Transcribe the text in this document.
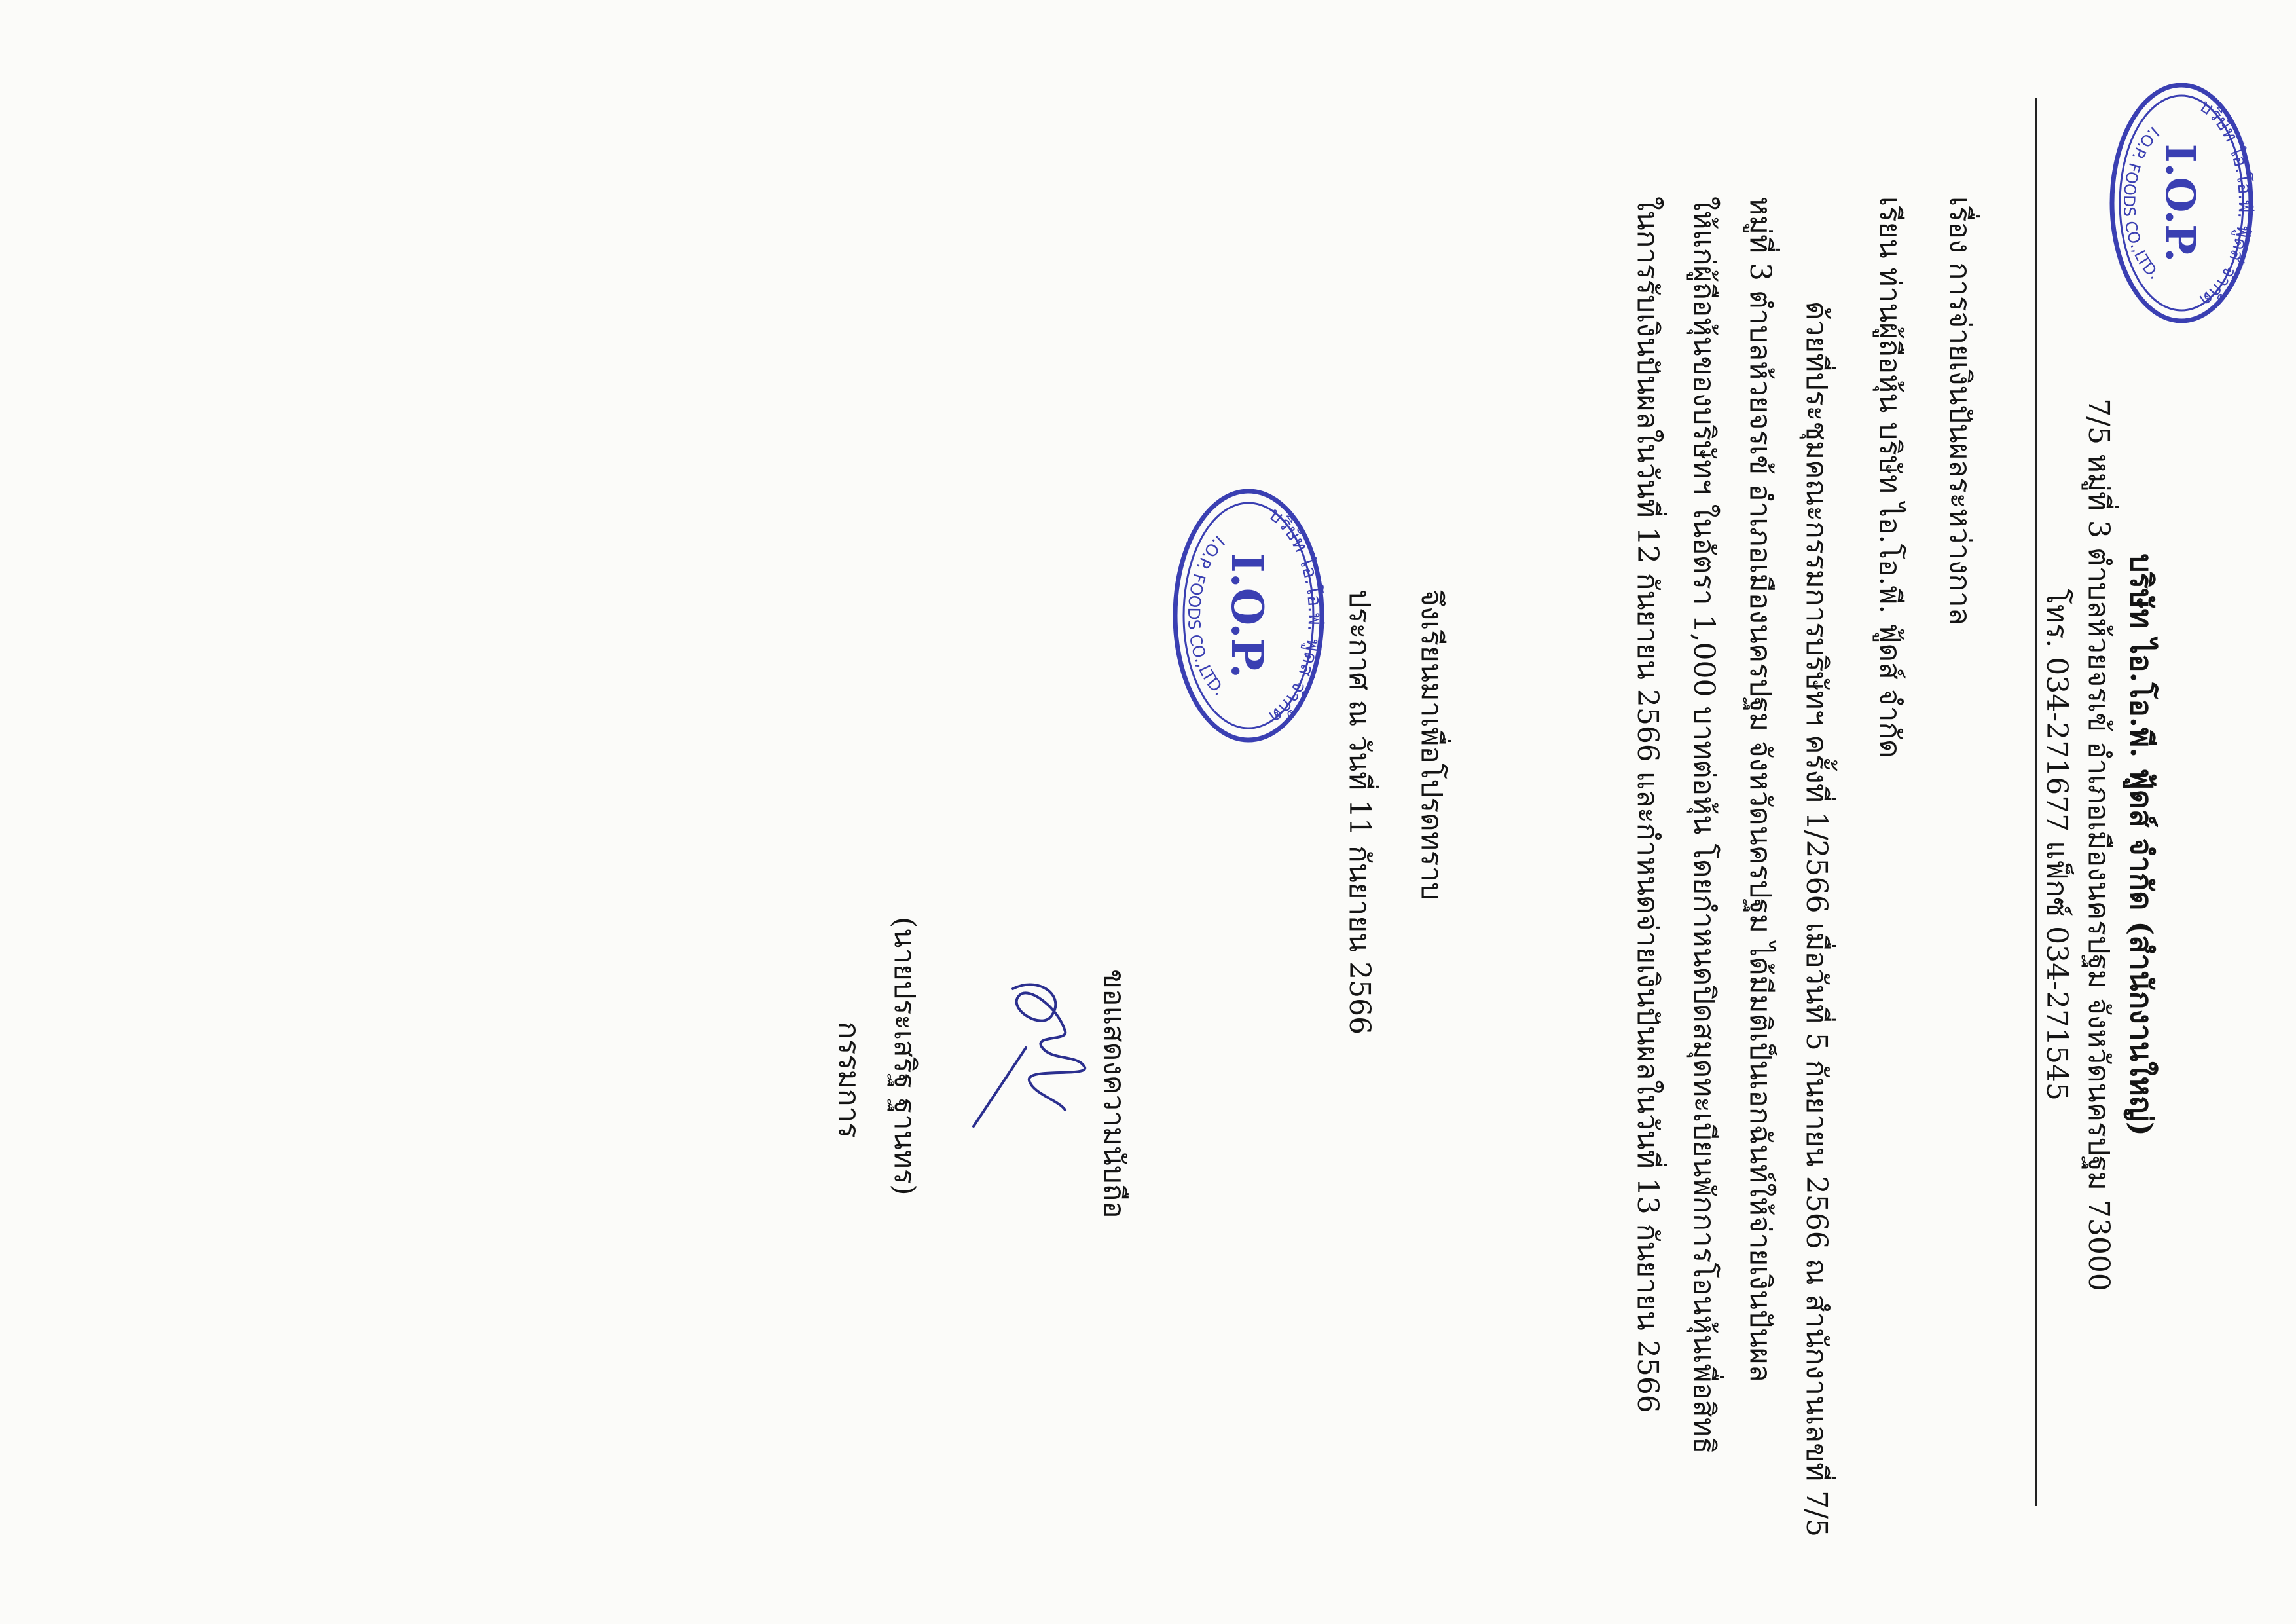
บริษัท ไอ.โอ.พี. ฟู้ดส์ จำกัด
I.O.P. FOODS CO.,LTD.
I.O.P.
บริษัท ไอ.โอ.พี. ฟู้ดส์ จำกัด (สำนักงานใหญ่)
7/5 หมู่ที่ 3 ตำบลห้วยจรเข้ อำเภอเมืองนครปฐม จังหวัดนครปฐม 73000
โทร. 034-271677 แฟ็กซ์ 034-271545
เรื่อง การจ่ายเงินปันผลระหว่างกาล
เรียน ท่านผู้ถือหุ้น บริษัท ไอ.โอ.พี. ฟู้ดส์ จำกัด
ด้วยที่ประชุมคณะกรรมการบริษัทฯ ครั้งที่ 1/2566 เมื่อวันที่ 5 กันยายน 2566 ณ สำนักงานเลขที่ 7/5
หมู่ที่ 3 ตำบลห้วยจรเข้ อำเภอเมืองนครปฐม จังหวัดนครปฐม ได้มีมติเป็นเอกฉันท์ให้จ่ายเงินปันผล
ให้แก่ผู้ถือหุ้นของบริษัทฯ ในอัตรา 1,000 บาทต่อหุ้น โดยกำหนดปิดสมุดทะเบียนพักการโอนหุ้นเพื่อสิทธิ
ในการรับเงินปันผลในวันที่ 12 กันยายน 2566 และกำหนดจ่ายเงินปันผลในวันที่ 13 กันยายน 2566
จึงเรียนมาเพื่อโปรดทราบ
ประกาศ ณ วันที่ 11 กันยายน 2566
บริษัท ไอ.โอ.พี. ฟู้ดส์ จำกัด
I.O.P. FOODS CO.,LTD.
I.O.P.
ขอแสดงความนับถือ
(นายประเสริฐ ฐานทร)
กรรมการ
